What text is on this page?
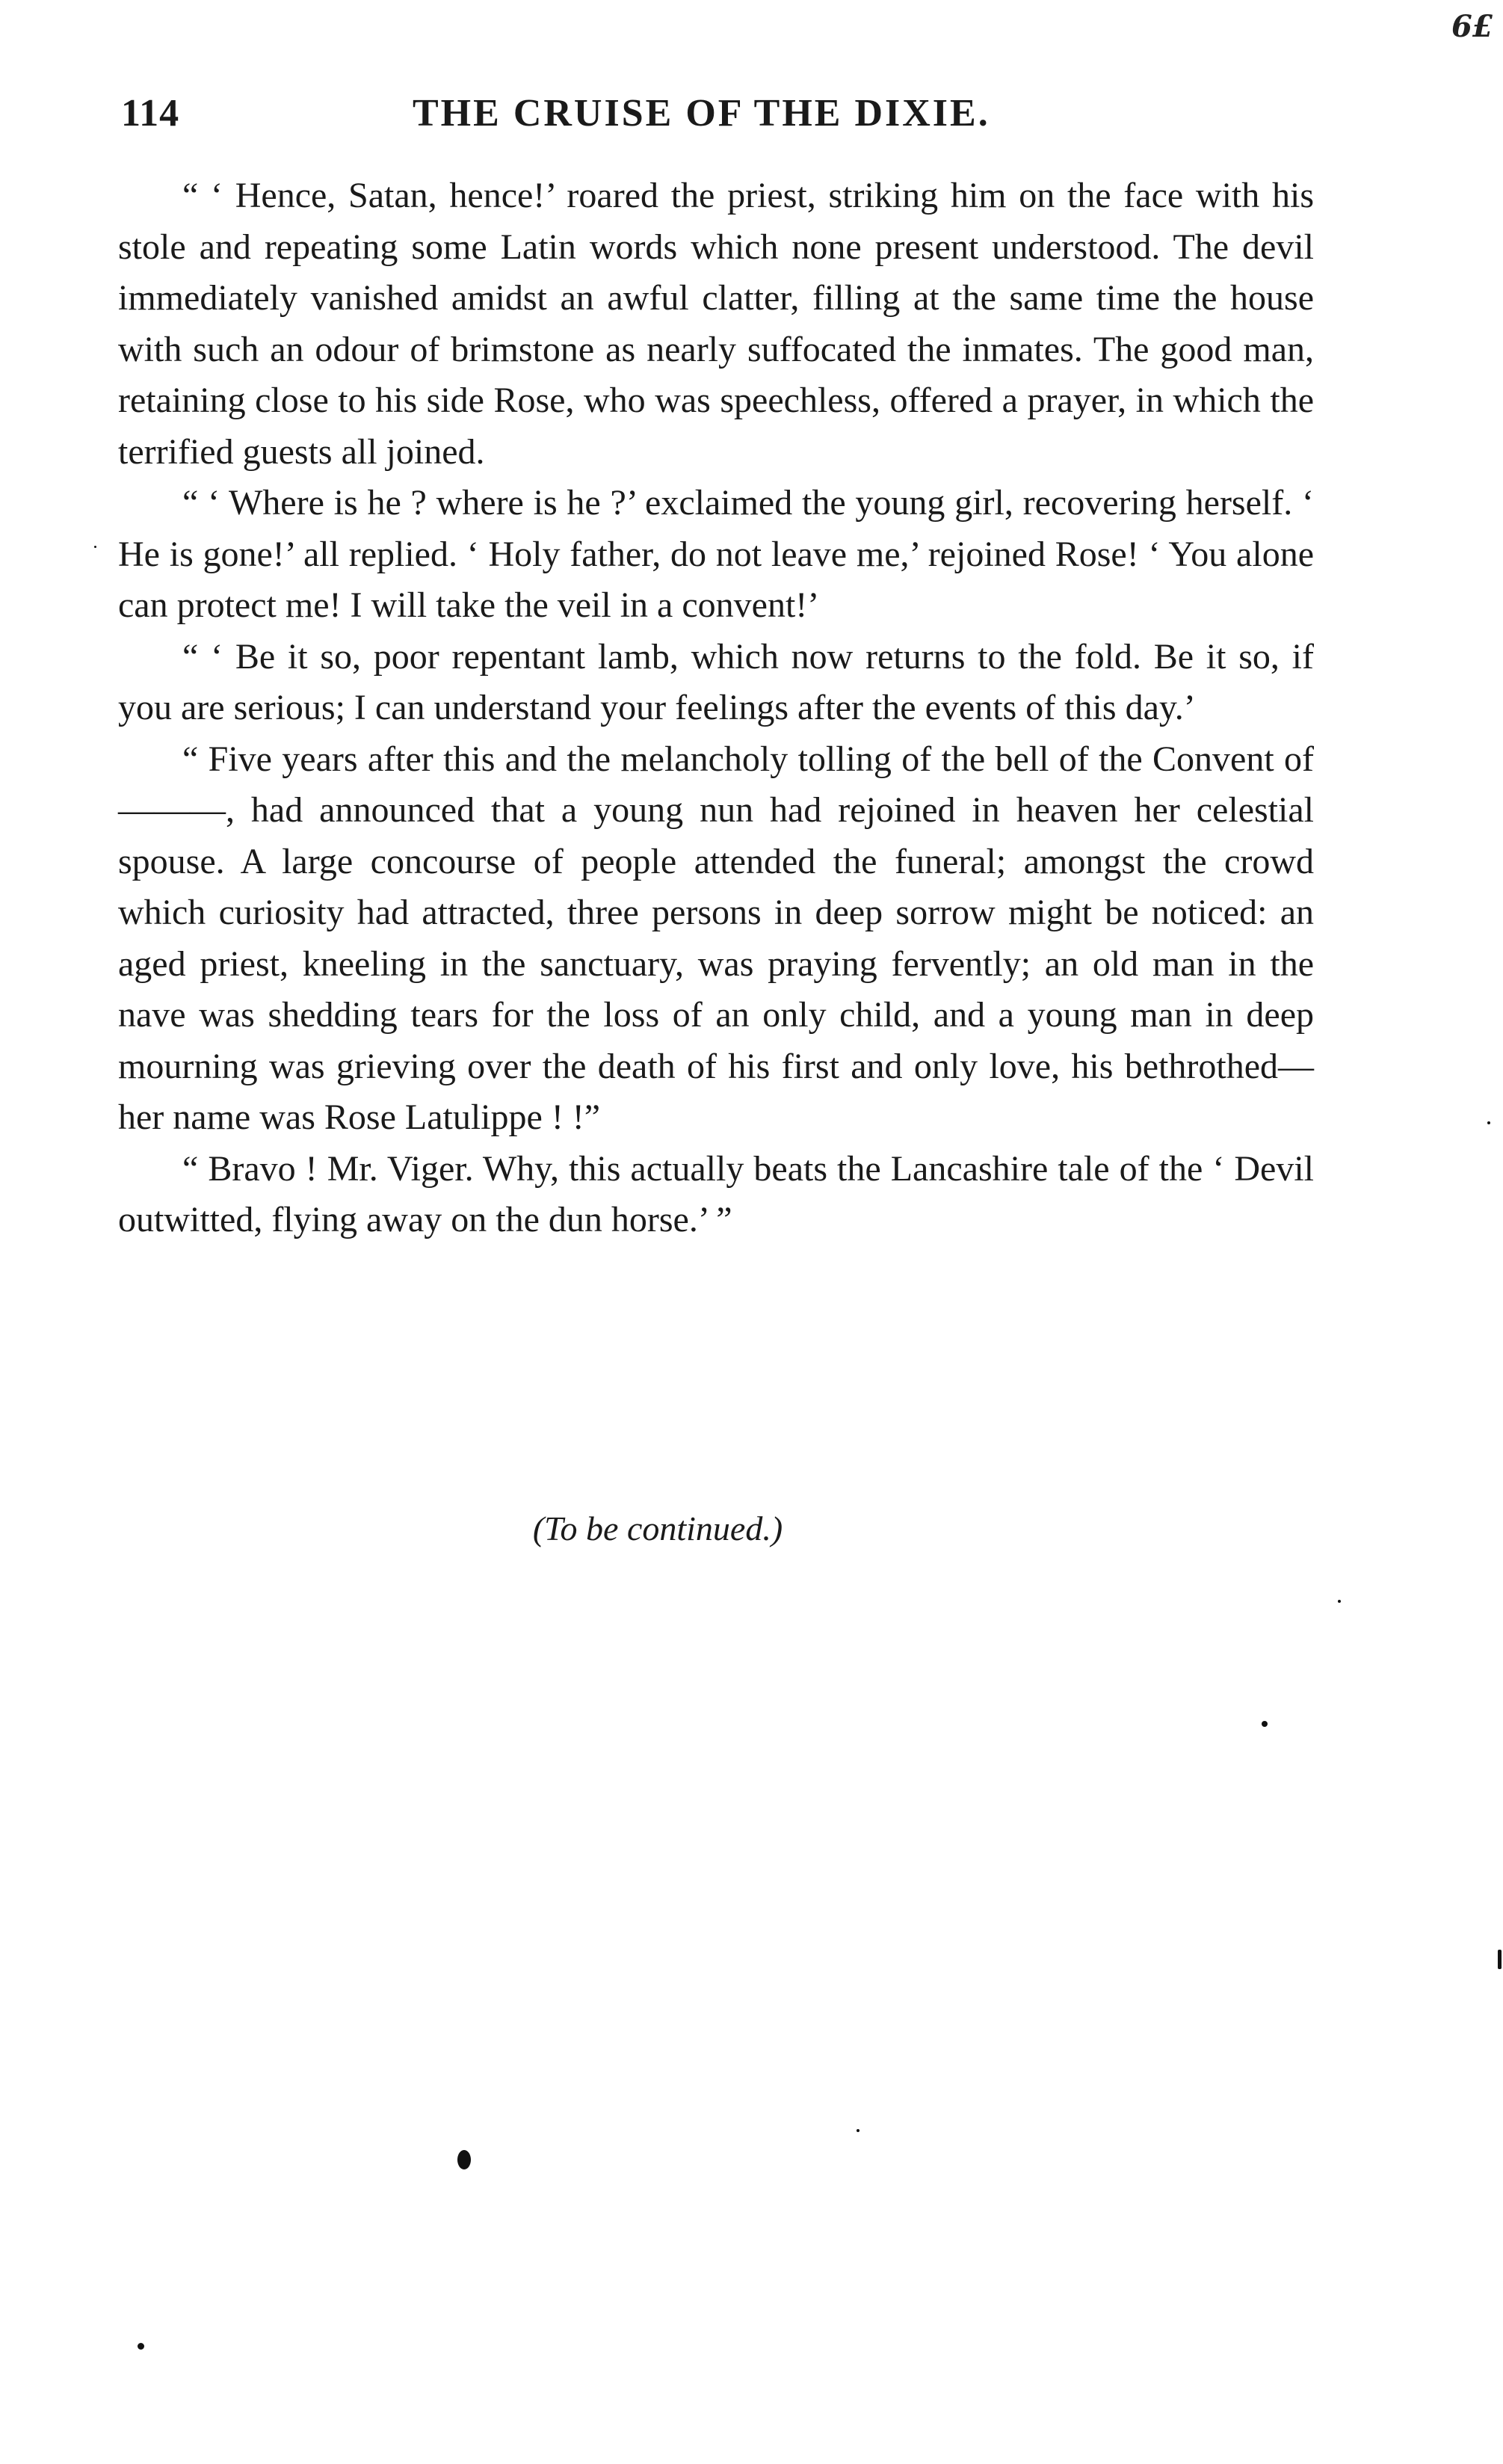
6£
114	THE CRUISE OF THE DIXIE.

“ ‘ Hence, Satan, hence!’ roared the priest, striking him on the face with his stole and repeating some Latin words which none present understood. The devil immediately vanished amidst an awful clatter, filling at the same time the house with such an odour of brimstone as nearly suffocated the inmates. The good man, retaining close to his side Rose, who was speechless, offered a prayer, in which the terrified guests all joined.

“ ‘ Where is he ? where is he ?’ exclaimed the young girl, recovering herself. ‘ He is gone!’ all replied. ‘ Holy father, do not leave me,’ rejoined Rose! ‘ You alone can protect me! I will take the veil in a convent!’

“ ‘ Be it so, poor repentant lamb, which now returns to the fold. Be it so, if you are serious; I can understand your feelings after the events of this day.’

“ Five years after this and the melancholy tolling of the bell of the Convent of———, had announced that a young nun had rejoined in heaven her celestial spouse. A large concourse of people attended the funeral; amongst the crowd which curiosity had attracted, three persons in deep sorrow might be noticed: an aged priest, kneeling in the sanctuary, was praying fervently; an old man in the nave was shedding tears for the loss of an only child, and a young man in deep mourning was grieving over the death of his first and only love, his bethrothed—her name was Rose Latulippe ! !”

“ Bravo ! Mr. Viger. Why, this actually beats the Lancashire tale of the ‘ Devil outwitted, flying away on the dun horse.’ ”

(To be continued.)
